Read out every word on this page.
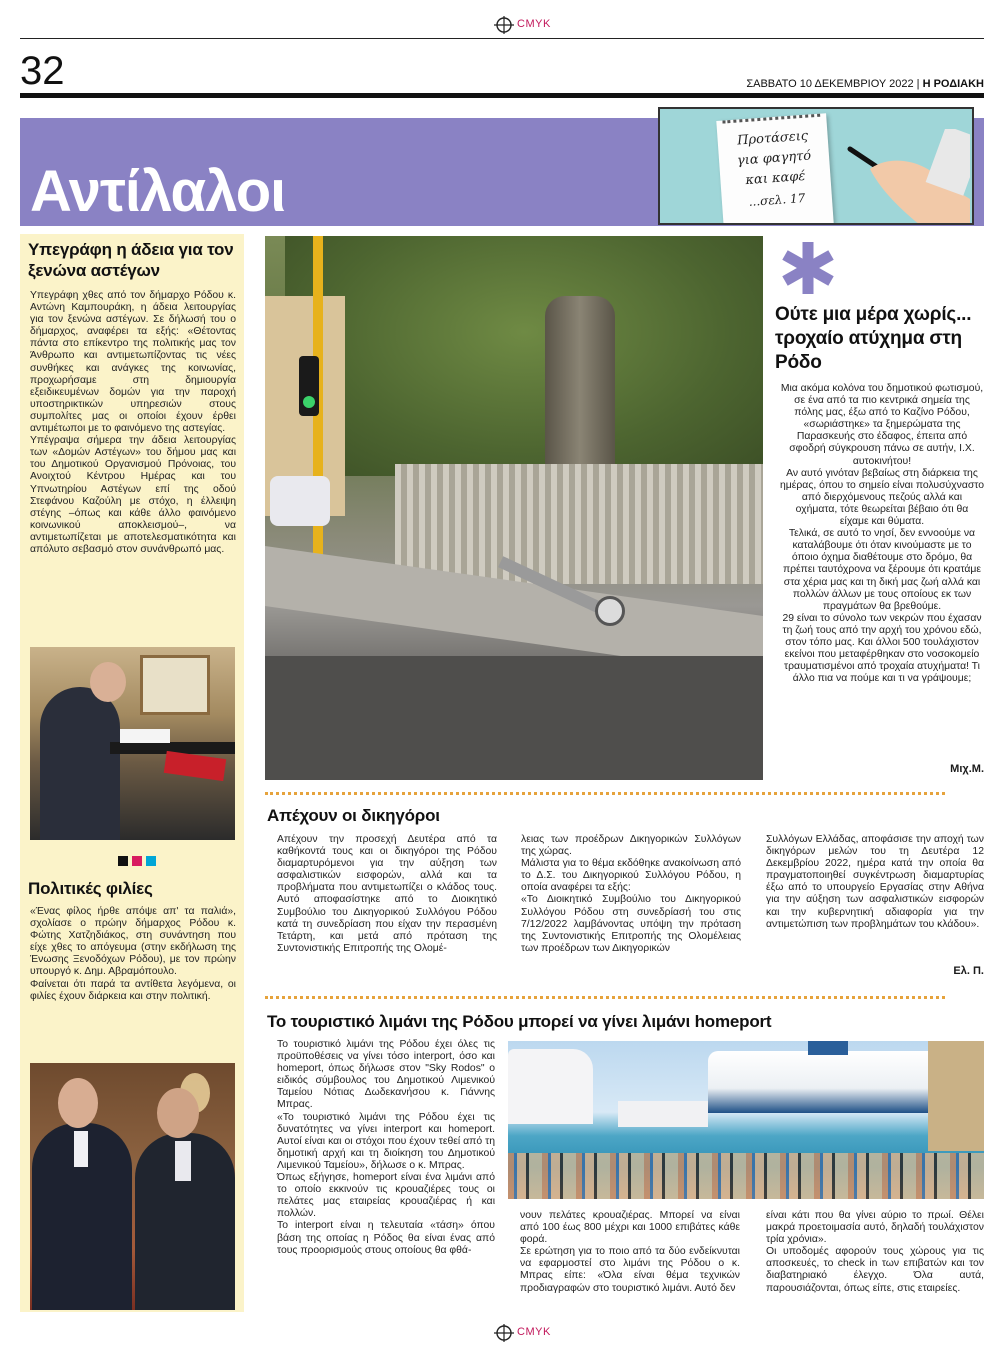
CMYK
32	ΣΑΒΒΑΤΟ 10 ΔΕΚΕΜΒΡΙΟΥ 2022 | Η ΡΟΔΙΑΚΗ
Αντίλαλοι
Προτάσεις
για φαγητό
και καφέ
...σελ. 17
Υπεγράφη η άδεια για τον ξενώνα αστέγων

Υπεγράφη χθες από τον δήμαρχο Ρόδου κ. Αντώνη Καμπουράκη, η άδεια λειτουργίας για τον ξενώνα αστέγων. Σε δήλωσή του ο δήμαρχος, αναφέρει τα εξής: «Θέτοντας πάντα στο επίκεντρο της πολιτικής μας τον Άνθρωπο και αντιμετωπίζοντας τις νέες συνθήκες και ανάγκες της κοινωνίας, προχωρήσαμε στη δημιουργία εξειδικευμένων δομών για την παροχή υποστηρικτικών υπηρεσιών στους συμπολίτες μας οι οποίοι έχουν έρθει αντιμέτωποι με το φαινόμενο της αστεγίας.

Υπέγραψα σήμερα την άδεια λειτουργίας των «Δομών Αστέγων» του δήμου μας και του Δημοτικού Οργανισμού Πρόνοιας, του Ανοιχτού Κέντρου Ημέρας και του Υπνωτηρίου Αστέγων επί της οδού Στεφάνου Καζούλη με στόχο, η έλλειψη στέγης –όπως και κάθε άλλο φαινόμενο κοινωνικού αποκλεισμού–, να αντιμετωπίζεται με αποτελεσματικότητα και απόλυτο σεβασμό στον συνάνθρωπό μας.

Πολιτικές φιλίες

«Ένας φίλος ήρθε απόψε απ' τα παλιά», σχολίασε ο πρώην δήμαρχος Ρόδου κ. Φώτης Χατζηδιάκος, στη συνάντηση που είχε χθες το απόγευμα (στην εκδήλωση της Ένωσης Ξενοδόχων Ρόδου), με τον πρώην υπουργό κ. Δημ. Αβραμόπουλο.

Φαίνεται ότι παρά τα αντίθετα λεγόμενα, οι φιλίες έχουν διάρκεια και στην πολιτική.

Ούτε μια μέρα χωρίς... τροχαίο ατύχημα στη Ρόδο

Μια ακόμα κολόνα του δημοτικού φωτισμού, σε ένα από τα πιο κεντρικά σημεία της πόλης μας, έξω από το Καζίνο Ρόδου, «σωριάστηκε» τα ξημερώματα της Παρασκευής στο έδαφος, έπειτα από σφοδρή σύγκρουση πάνω σε αυτήν, Ι.Χ. αυτοκινήτου!

Αν αυτό γινόταν βεβαίως στη διάρκεια της ημέρας, όπου το σημείο είναι πολυσύχναστο από διερχόμενους πεζούς αλλά και οχήματα, τότε θεωρείται βέβαιο ότι θα είχαμε και θύματα.

Τελικά, σε αυτό το νησί, δεν εννοούμε να καταλάβουμε ότι όταν κινούμαστε με το όποιο όχημα διαθέτουμε στο δρόμο, θα πρέπει ταυτόχρονα να ξέρουμε ότι κρατάμε στα χέρια μας και τη δική μας ζωή αλλά και πολλών άλλων με τους οποίους εκ των πραγμάτων θα βρεθούμε.

29 είναι το σύνολο των νεκρών που έχασαν τη ζωή τους από την αρχή του χρόνου εδώ, στον τόπο μας. Και άλλοι 500 τουλάχιστον εκείνοι που μεταφέρθηκαν στο νοσοκομείο τραυματισμένοι από τροχαία ατυχήματα! Τι άλλο πια να πούμε και τι να γράψουμε;

Μιχ.Μ.
Απέχουν οι δικηγόροι
Απέχουν την προσεχή Δευτέρα από τα καθήκοντά τους και οι δικηγόροι της Ρόδου διαμαρτυρόμενοι για την αύξηση των ασφαλιστικών εισφορών, αλλά και τα προβλήματα που αντιμετωπίζει ο κλάδος τους. Αυτό αποφασίστηκε από το Διοικητικό Συμβούλιο του Δικηγορικού Συλλόγου Ρόδου κατά τη συνεδρίαση που είχαν την περασμένη Τετάρτη, και μετά από πρόταση της Συντονιστικής Επιτροπής της Ολομέ-

λειας των προέδρων Δικηγορικών Συλλόγων της χώρας.

Μάλιστα για το θέμα εκδόθηκε ανακοίνωση από το Δ.Σ. του Δικηγορικού Συλλόγου Ρόδου, η οποία αναφέρει τα εξής:

«Το Διοικητικό Συμβούλιο του Δικηγορικού Συλλόγου Ρόδου στη συνεδρίασή του στις 7/12/2022 λαμβάνοντας υπόψη την πρόταση της Συντονιστικής Επιτροπής της Ολομέλειας των προέδρων των Δικηγορικών

Συλλόγων Ελλάδας, αποφάσισε την αποχή των δικηγόρων μελών του τη Δευτέρα 12 Δεκεμβρίου 2022, ημέρα κατά την οποία θα πραγματοποιηθεί συγκέντρωση διαμαρτυρίας έξω από το υπουργείο Εργασίας στην Αθήνα για την αύξηση των ασφαλιστικών εισφορών και την κυβερνητική αδιαφορία για την αντιμετώπιση των προβλημάτων του κλάδου».
Ελ. Π.
Το τουριστικό λιμάνι της Ρόδου μπορεί να γίνει λιμάνι homeport

Το τουριστικό λιμάνι της Ρόδου έχει όλες τις προϋποθέσεις να γίνει τόσο interport, όσο και homeport, όπως δήλωσε στον "Sky Rodos" ο ειδικός σύμβουλος του Δημοτικού Λιμενικού Ταμείου Νότιας Δωδεκανήσου κ. Γιάννης Μπρας.

«Το τουριστικό λιμάνι της Ρόδου έχει τις δυνατότητες να γίνει interport και homeport. Αυτοί είναι και οι στόχοι που έχουν τεθεί από τη δημοτική αρχή και τη διοίκηση του Δημοτικού Λιμενικού Ταμείου», δήλωσε ο κ. Μπρας.

Όπως εξήγησε, homeport είναι ένα λιμάνι από το οποίο εκκινούν τις κρουαζιέρες τους οι πελάτες μας εταιρείας κρουαζιέρας ή και πολλών.

Το interport είναι η τελευταία «τάση» όπου βάση της οποίας η Ρόδος θα είναι ένας από τους προορισμούς στους οποίους θα φθά-

νουν πελάτες κρουαζιέρας. Μπορεί να είναι από 100 έως 800 μέχρι και 1000 επιβάτες κάθε φορά.

Σε ερώτηση για το ποιο από τα δύο ενδείκνυται να εφαρμοστεί στο λιμάνι της Ρόδου ο κ. Μπρας είπε: «Όλα είναι θέμα τεχνικών προδιαγραφών στο τουριστικό λιμάνι. Αυτό δεν

είναι κάτι που θα γίνει αύριο το πρωί. Θέλει μακρά προετοιμασία αυτό, δηλαδή τουλάχιστον τρία χρόνια».

Οι υποδομές αφορούν τους χώρους για τις αποσκευές, το check in των επιβατών και τον διαβατηριακό έλεγχο. Όλα αυτά, παρουσιάζονται, όπως είπε, στις εταιρείες.

CMYK
